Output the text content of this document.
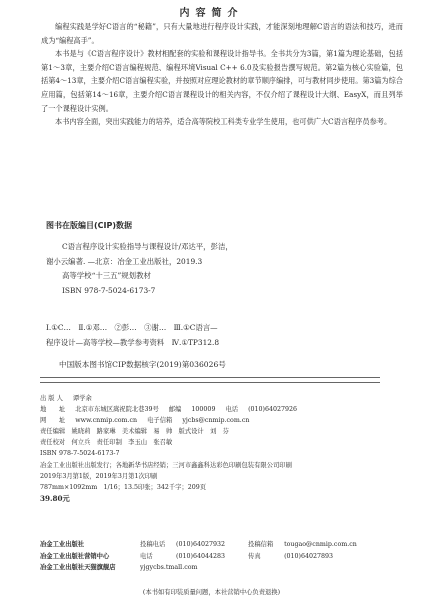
内容简介

编程实践是学好C语言的“秘籍”，只有大量地进行程序设计实践，才能深刻地理解C语言的语法和技巧，进而成为“编程高手”。

本书是与《C语言程序设计》教材相配套的实验和课程设计指导书。全书共分为3篇，第1篇为理论基础，包括第1～3章，主要介绍C语言编程规范、编程环境Visual C++ 6.0及实验报告撰写规范。第2篇为核心实验篇，包括第4～13章，主要介绍C语言编程实验，并按照对应理论教材的章节顺序编排，可与教材同步使用。第3篇为综合应用篇，包括第14～16章，主要介绍C语言课程设计的相关内容，不仅介绍了课程设计大纲、EasyX，而且列举了一个课程设计实例。

本书内容全面，突出实践能力的培养，适合高等院校工科类专业学生使用，也可供广大C语言程序员参考。

图书在版编目(CIP)数据

C语言程序设计实验指导与课程设计/邓达平，彭洁，

谢小云编著. —北京：冶金工业出版社，2019.3

高等学校“十三五”规划教材

ISBN 978-7-5024-6173-7

Ⅰ.①C…　Ⅱ.①邓…　②彭…　③谢…　Ⅲ.①C语言—

程序设计—高等学校—教学参考资料　Ⅳ.①TP312.8

中国版本图书馆CIP数据核字(2019)第036026号
出 版 人 谭学余
地　　址 北京市东城区嵩祝院北巷39号 邮编 100009 电话 (010)64027926
网　　址 www.cnmip.com.cn 电子信箱 yjcbs@cnmip.com.cn
责任编辑　姚晓莉　路家琳　美术编辑　易　帅　版式设计　刘　芬
责任校对　何立兵　责任印制　李玉山　张召敏
ISBN 978-7-5024-6173-7
冶金工业出版社出版发行；各地新华书店经销；三河市鑫鑫科达彩色印刷包装有限公司印刷
2019年3月第1版，2019年3月第1次印刷
787mm×1092mm　1/16；13.5印张；342千字；209页
39.80元
冶金工业出版社	投稿电话 (010)64027932	投稿信箱 tougao@cnmip.com.cn
冶金工业出版社营销中心	电话	(010)64044283	传真	(010)64027893
冶金工业出版社天猫旗舰店	yjgycbs.tmall.com
(本书如有印装质量问题，本社营销中心负责退换)
